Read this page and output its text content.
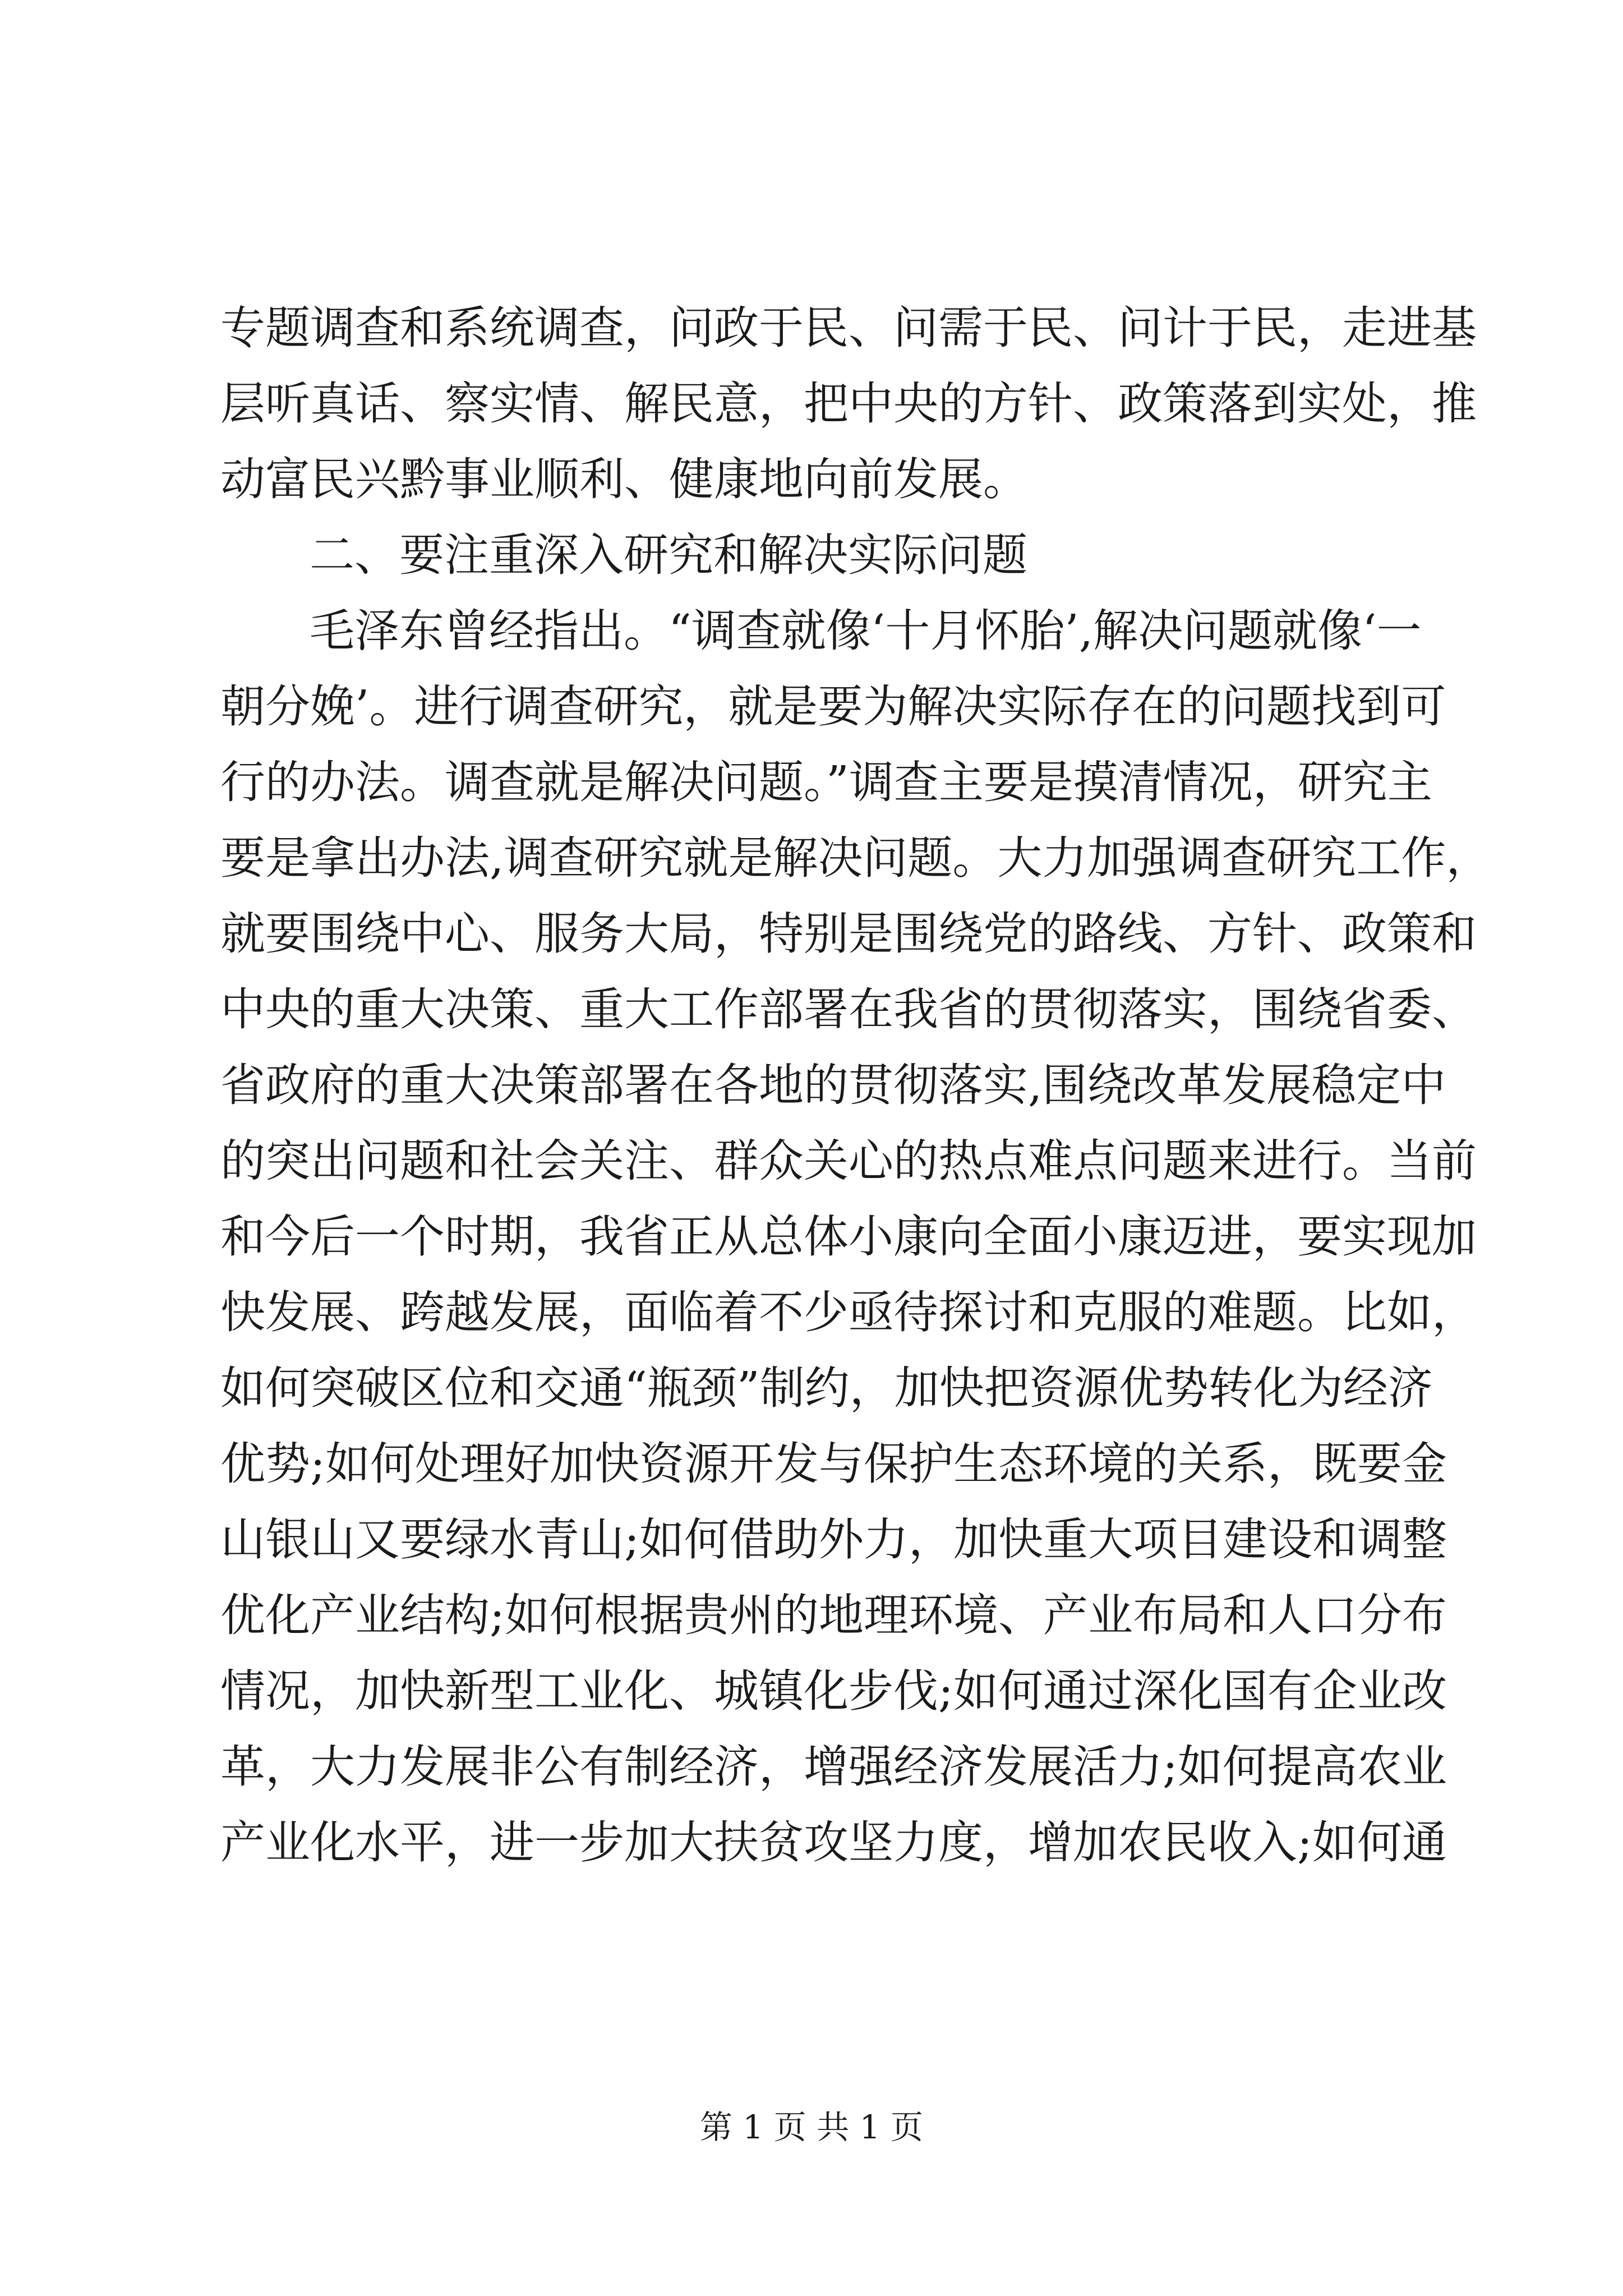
专题调查和系统调查，问政于民、问需于民、问计于民，走进基
层听真话、察实情、解民意，把中央的方针、政策落到实处，推
动富民兴黔事业顺利、健康地向前发展。
二、要注重深入研究和解决实际问题
毛泽东曾经指出。“调查就像‘十月怀胎’,解决问题就像‘一
朝分娩’。进行调查研究，就是要为解决实际存在的问题找到可
行的办法。调查就是解决问题。”调查主要是摸清情况，研究主
要是拿出办法,调查研究就是解决问题。大力加强调查研究工作，
就要围绕中心、服务大局，特别是围绕党的路线、方针、政策和
中央的重大决策、重大工作部署在我省的贯彻落实，围绕省委、
省政府的重大决策部署在各地的贯彻落实,围绕改革发展稳定中
的突出问题和社会关注、群众关心的热点难点问题来进行。当前
和今后一个时期，我省正从总体小康向全面小康迈进，要实现加
快发展、跨越发展，面临着不少亟待探讨和克服的难题。比如，
如何突破区位和交通“瓶颈”制约，加快把资源优势转化为经济
优势;如何处理好加快资源开发与保护生态环境的关系，既要金
山银山又要绿水青山;如何借助外力，加快重大项目建设和调整
优化产业结构;如何根据贵州的地理环境、产业布局和人口分布
情况，加快新型工业化、城镇化步伐;如何通过深化国有企业改
革，大力发展非公有制经济，增强经济发展活力;如何提高农业
产业化水平，进一步加大扶贫攻坚力度，增加农民收入;如何通
第 1 页 共 1 页
